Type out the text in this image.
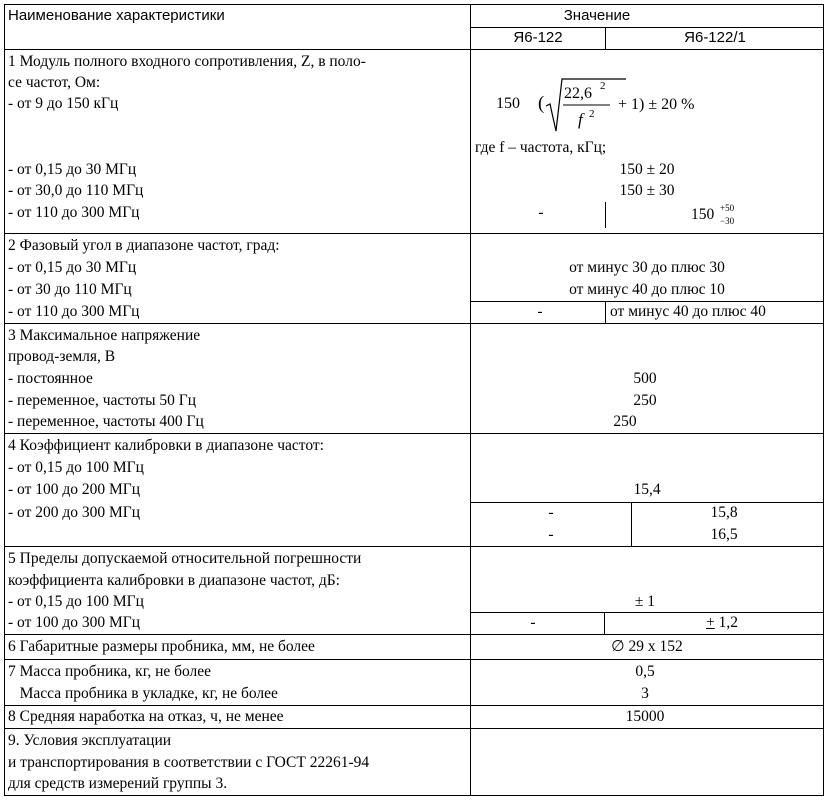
Наименование характеристики	Значение
Я6-122	Я6-122/1
1 Модуль полного входного сопротивления, Z, в поло-
се частот, Ом:
- от 9 до 150 кГц	150 ( 22,6 2
f 2
+ 1) ± 20 %
где f – частота, кГц;
- от 0,15 до 30 МГц	150 ± 20
- от 30,0 до 110 МГц	150 ± 30
- от 110 до 300 МГц	-	150 +50
−30
2 Фазовый угол в диапазоне частот, град:
- от 0,15 до 30 МГц	от минус 30 до плюс 30
- от 30 до 110 МГц	от минус 40 до плюс 10
- от 110 до 300 МГц	-	от минус 40 до плюс 40
3 Максимальное напряжение
провод-земля, В
- постоянное	500
- переменное, частоты 50 Гц	250
- переменное, частоты 400 Гц	250
4 Коэффициент калибровки в диапазоне частот:
- от 0,15 до 100 МГц
- от 100 до 200 МГц	15,4
- от 200 до 300 МГц	-	15,8
-	16,5
5 Пределы допускаемой относительной погрешности
коэффициента калибровки в диапазоне частот, дБ:
- от 0,15 до 100 МГц	± 1
- от 100 до 300 МГц	-	+ 1,2
6 Габаритные размеры пробника, мм, не более	∅ 29 х 152
7 Масса пробника, кг, не более	0,5
Масса пробника в укладке, кг, не более	3
8 Средняя наработка на отказ, ч, не менее	15000
9. Условия эксплуатации
и транспортирования в соответствии с ГОСТ 22261-94
для средств измерений группы 3.
